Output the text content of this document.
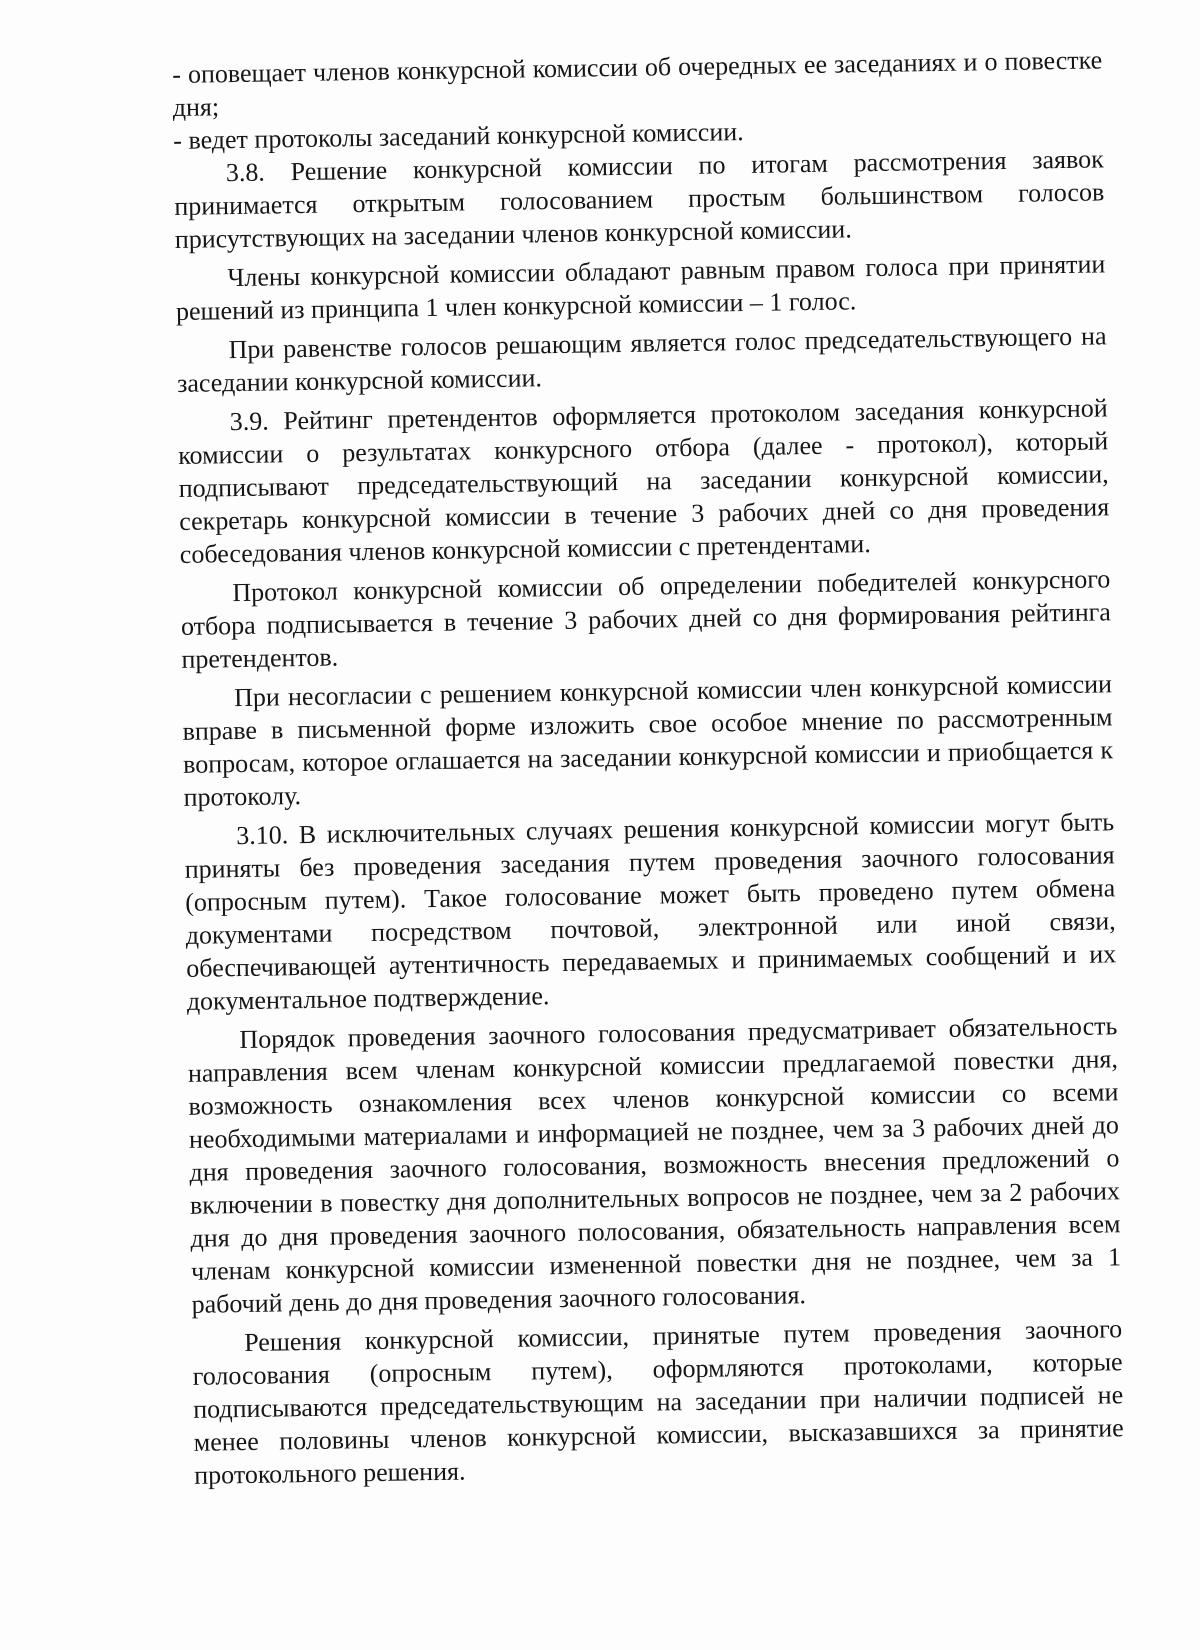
- оповещает членов конкурсной комиссии об очередных ее заседаниях и о повестке дня;

- ведет протоколы заседаний конкурсной комиссии.

3.8. Решение конкурсной комиссии по итогам рассмотрения заявок принимается открытым голосованием простым большинством голосов присутствующих на заседании членов конкурсной комиссии.

Члены конкурсной комиссии обладают равным правом голоса при принятии решений из принципа 1 член конкурсной комиссии – 1 голос.

При равенстве голосов решающим является голос председательствующего на заседании конкурсной комиссии.

3.9. Рейтинг претендентов оформляется протоколом заседания конкурсной комиссии о результатах конкурсного отбора (далее - протокол), который подписывают председательствующий на заседании конкурсной комиссии, секретарь конкурсной комиссии в течение 3 рабочих дней со дня проведения собеседования членов конкурсной комиссии с претендентами.

Протокол конкурсной комиссии об определении победителей конкурсного отбора подписывается в течение 3 рабочих дней со дня формирования рейтинга претендентов.

При несогласии с решением конкурсной комиссии член конкурсной комиссии вправе в письменной форме изложить свое особое мнение по рассмотренным вопросам, которое оглашается на заседании конкурсной комиссии и приобщается к протоколу.

3.10. В исключительных случаях решения конкурсной комиссии могут быть приняты без проведения заседания путем проведения заочного голосования (опросным путем). Такое голосование может быть проведено путем обмена документами посредством почтовой, электронной или иной связи, обеспечивающей аутентичность передаваемых и принимаемых сообщений и их документальное подтверждение.

Порядок проведения заочного голосования предусматривает обязательность направления всем членам конкурсной комиссии предлагаемой повестки дня, возможность ознакомления всех членов конкурсной комиссии со всеми необходимыми материалами и информацией не позднее, чем за 3 рабочих дней до дня проведения заочного голосования, возможность внесения предложений о включении в повестку дня дополнительных вопросов не позднее, чем за 2 рабочих дня до дня проведения заочного полосования, обязательность направления всем членам конкурсной комиссии измененной повестки дня не позднее, чем за 1 рабочий день до дня проведения заочного голосования.

Решения конкурсной комиссии, принятые путем проведения заочного голосования (опросным путем), оформляются протоколами, которые подписываются председательствующим на заседании при наличии подписей не менее половины членов конкурсной комиссии, высказавшихся за принятие протокольного решения.
